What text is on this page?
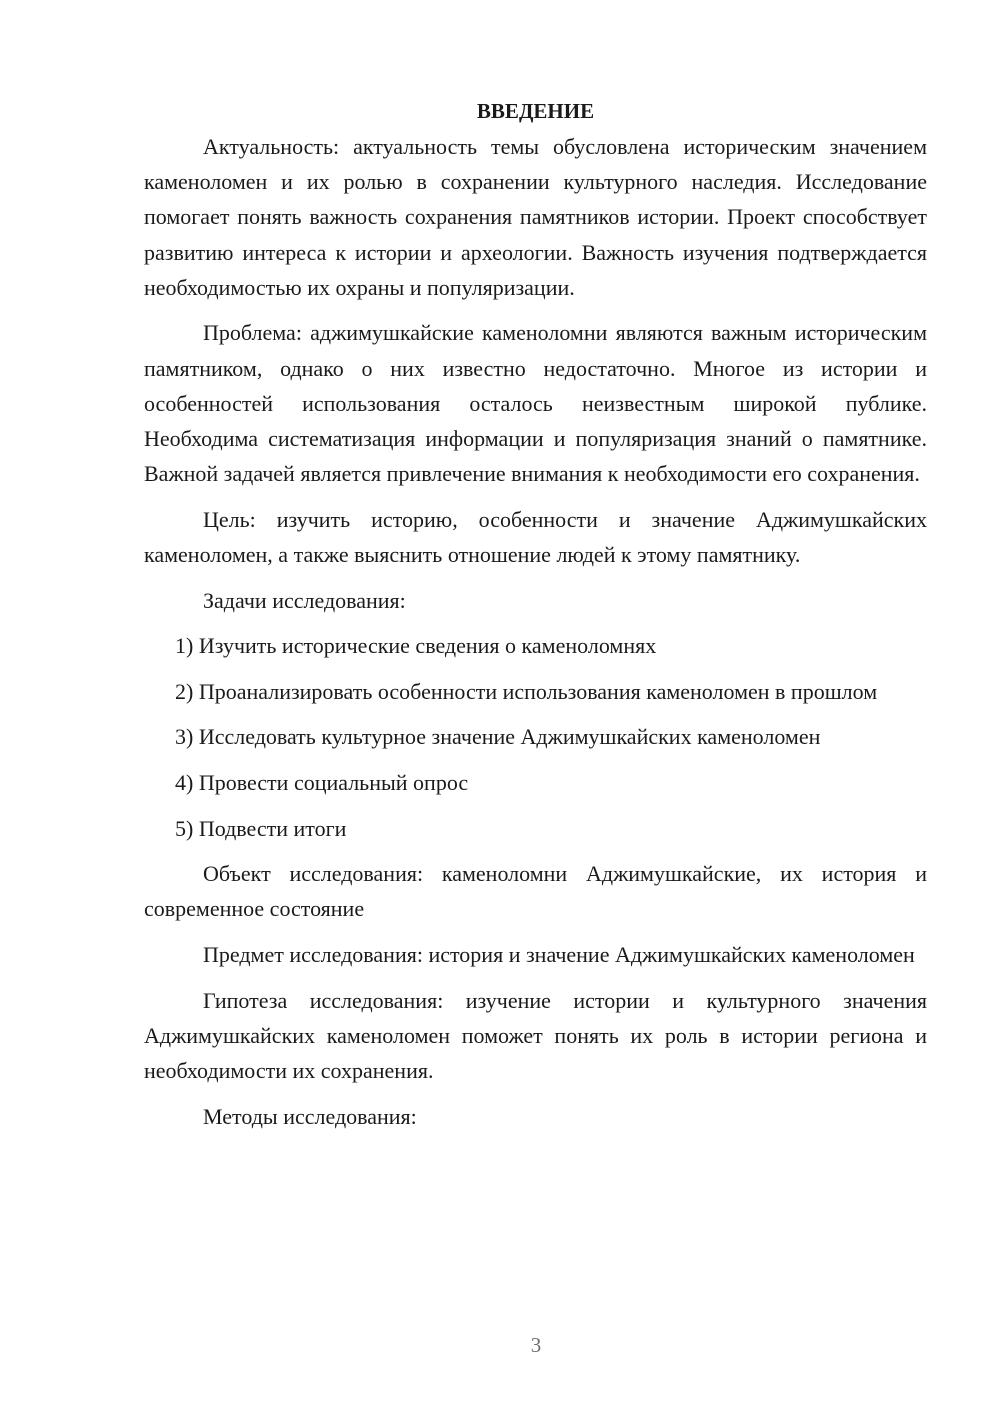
ВВЕДЕНИЕ

Актуальность: актуальность темы обусловлена историческим значением каменоломен и их ролью в сохранении культурного наследия. Исследование помогает понять важность сохранения памятников истории. Проект способствует развитию интереса к истории и археологии. Важность изучения подтверждается необходимостью их охраны и популяризации.

Проблема: аджимушкайские каменоломни являются важным историческим памятником, однако о них известно недостаточно. Многое из истории и особенностей использования осталось неизвестным широкой публике. Необходима систематизация информации и популяризация знаний о памятнике. Важной задачей является привлечение внимания к необходимости его сохранения.

Цель: изучить историю, особенности и значение Аджимушкайских каменоломен, а также выяснить отношение людей к этому памятнику.

Задачи исследования:

1) Изучить исторические сведения о каменоломнях

2) Проанализировать особенности использования каменоломен в прошлом

3) Исследовать культурное значение Аджимушкайских каменоломен

4) Провести социальный опрос

5) Подвести итоги

Объект исследования: каменоломни Аджимушкайские, их история и современное состояние

Предмет исследования: история и значение Аджимушкайских каменоломен

Гипотеза исследования: изучение истории и культурного значения Аджимушкайских каменоломен поможет понять их роль в истории региона и необходимости их сохранения.

Методы исследования:

3
